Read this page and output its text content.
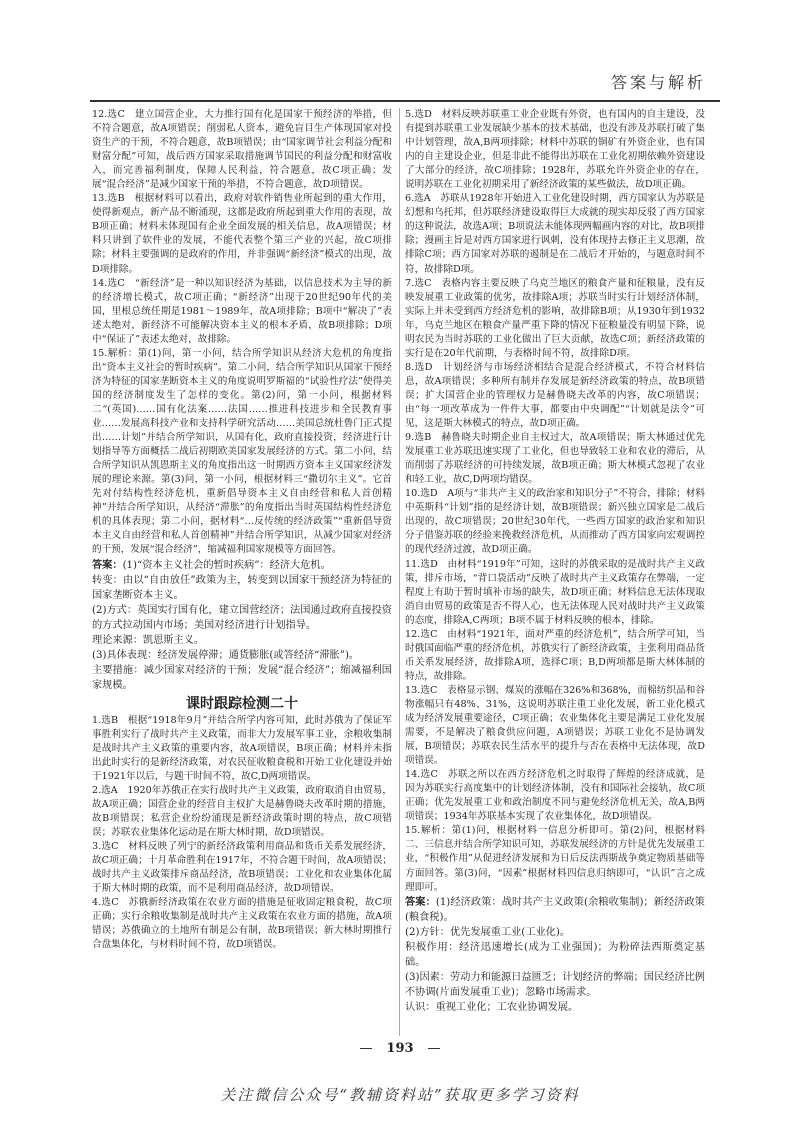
答案与解析

12.选C　建立国营企业，大力推行国有化是国家干预经济的举措，但不符合题意，故A项错误；削弱私人资本，避免盲目生产体现国家对投资生产的干预，不符合题意，故B项错误；由“国家调节社会利益分配和财富分配”可知，战后西方国家采取措施调节国民的利益分配和财富收入，而完善福利制度，保障人民利益，符合题意，故C项正确；发展“混合经济”是减少国家干预的举措，不符合题意，故D项错误。

13.选B　根据材料可以看出，政府对软件销售业所起到的重大作用，使得新观点，新产品不断涌现，这都是政府所起到重大作用的表现，故B项正确；材料未体现国有企业全面发展的相关信息，故A项错误；材料只讲到了软件业的发展，不能代表整个第三产业的兴起，故C项排除；材料主要强调的是政府的作用，并非强调“新经济”模式的出现，故D项排除。

14.选C　“新经济”是一种以知识经济为基础，以信息技术为主导的新的经济增长模式，故C项正确；“新经济”出现于20世纪90年代的美国，里根总统任期是1981～1989年，故A项排除；B项中“解决了”表述太绝对，新经济不可能解决资本主义的根本矛盾，故B项排除；D项中“保证了”表述太绝对，故排除。

15.解析：第(1)问，第一小问，结合所学知识从经济大危机的角度指出“资本主义社会的暂时疾病”。第二小问，结合所学知识从国家干预经济为特征的国家垄断资本主义的角度说明罗斯福的“试验性疗法”使得美国的经济制度发生了怎样的变化。第(2)问，第一小问，根据材料二“(英国)……国有化法案……法国……推进科技进步和全民教育事业……发展高科技产业和支持科学研究活动……美国总统杜鲁门正式提出……计划”并结合所学知识，从国有化，政府直接投资，经济进行计划指导等方面概括二战后初期欧美国家发展经济的方式。第二小问，结合所学知识从凯恩斯主义的角度指出这一时期西方资本主义国家经济发展的理论来源。第(3)问，第一小问，根据材料三“撒切尔主义”。它首先对付结构性经济危机，重新倡导资本主义自由经营和私人首创精神”并结合所学知识，从经济“滞胀”的角度指出当时英国结构性经济危机的具体表现；第二小问，据材料“…反传统的经济政策”“重新倡导资本主义自由经营和私人首创精神”并结合所学知识，从减少国家对经济的干预，发展“混合经济”，缩减福利国家规模等方面回答。

答案：(1)“资本主义社会的暂时疾病”：经济大危机。

转变：由以“自由放任”政策为主，转变到以国家干预经济为特征的国家垄断资本主义。

(2)方式：英国实行国有化，建立国营经济；法国通过政府直接投资的方式拉动国内市场；美国对经济进行计划指导。

理论来源：凯恩斯主义。

(3)具体表现：经济发展停滞；通货膨胀(或答经济“滞胀”)。

主要措施：减少国家对经济的干预；发展“混合经济”；缩减福利国家规模。

课时跟踪检测二十

1.选B　根据“1918年9月”并结合所学内容可知，此时苏俄为了保证军事胜利实行了战时共产主义政策，而非大力发展军事工业，余粮收集制是战时共产主义政策的重要内容，故A项错误，B项正确；材料并未指出此时实行的是新经济政策，对农民征收粮食税和开始工业化建设并始于1921年以后，与题干时间不符，故C,D两项错误。

2.选A　1920年苏俄正在实行战时共产主义政策，政府取消自由贸易，故A项正确；国营企业的经营自主权扩大是赫鲁晓夫改革时期的措施，故B项错误；私营企业纷纷涌现是新经济政策时期的特点，故C项错误；苏联农业集体化运动是在斯大林时期，故D项错误。

3.选C　材料反映了列宁的新经济政策利用商品和货币关系发展经济，故C项正确；十月革命胜利在1917年，不符合题干时间，故A项错误；战时共产主义政策排斥商品经济，故B项错误；工业化和农业集体化属于斯大林时期的政策，而不是利用商品经济，故D项错误。

4.选C　苏俄新经济政策在农业方面的措施是征收固定粮食税，故C项正确；实行余粮收集制是战时共产主义政策在农业方面的措施，故A项错误；苏俄确立的土地所有制是公有制，故B项错误；新大林时期推行合盘集体化，与材料时间不符，故D项错误。

5.选D　材料反映苏联重工业企业既有外资，也有国内的自主建设，没有提到苏联重工业发展缺少基本的技术基础，也没有涉及苏联打破了集中计划管理，故A,B两项排除；材料中苏联的铜矿有外资企业，也有国内的自主建设企业，但是非此不能得出苏联在工业化初期依赖外资建设了大部分的经济，故C项排除；1928年，苏联允许外资企业的存在，说明苏联在工业化初期采用了新经济政策的某些做法，故D项正确。

6.选A　苏联从1928年开始进入工业化建设时期，西方国家认为苏联是幻想和乌托邦，但苏联经济建设取得巨大成就的现实却反驳了西方国家的这种说法，故选A项；B项说法未能体现两幅画内容的对比，故B项排除；漫画主旨是对西方国家进行讽刺，没有体现持去修正主义思潮，故排除C项；西方国家对苏联的遏制是在二战后才开始的，与题意时间不符，故排除D项。

7.选C　表格内容主要反映了乌克兰地区的粮食产量和征粮量，没有反映发展重工业政策的优劣，故排除A项；苏联当时实行计划经济体制，实际上并未受到西方经济危机的影响，故排除B项；从1930年到1932年，乌克兰地区在粮食产量严重下降的情况下征粮量没有明显下降，说明农民为当时苏联的工业化做出了巨大贡献，故选C项；新经济政策的实行是在20年代前期，与表格时间不符，故排除D项。

8.选D　计划经济与市场经济相结合是混合经济模式，不符合材料信息，故A项错误；多种所有制并存发展是新经济政策的特点，故B项错误；扩大国营企业的管理权力是赫鲁晓夫改革的内容，故C项错误；由“每一项改革成为一件件大事，都要由中央调配”“计划就是法令”可见，这是斯大林模式的特点，故D项正确。

9.选B　赫鲁晓夫时期企业自主权过大，故A项错误；斯大林通过优先发展重工业苏联迅速实现了工业化，但也导致轻工业和农业的滞后，从而削弱了苏联经济的可持续发展，故B项正确；斯大林模式忽视了农业和轻工业，故C,D两项均错误。

10.选D　A项与“非共产主义的政治家和知识分子”不符合，排除；材料中英斯科“计划”指的是经济计划，故B项错误；新兴独立国家是二战后出现的，故C项错误；20世纪30年代，一些西方国家的政治家和知识分子借鉴苏联的经验来挽救经济危机，从而推动了西方国家向宏观调控的现代经济过渡，故D项正确。

11.选D　由材料“1919年”可知，这时的苏俄采取的是战时共产主义政策，排斥市场，“背口袋活动”反映了战时共产主义政策存在弊端，一定程度上有助于暂时填补市场的缺失，故D项正确；材料信息无法体现取消自由贸易的政策是否不得人心，也无法体现人民对战时共产主义政策的态度，排除A,C两项；B项不属于材料反映的根本，排除。

12.选C　由材料“1921年，面对严重的经济危机”，结合所学可知，当时俄国面临严重的经济危机，苏俄实行了新经济政策，主张利用商品货币关系发展经济，故排除A项，选择C项；B,D两项都是斯大林体制的特点，故排除。

13.选C　表格显示钢、煤炭的涨幅在326%和368%，而棉纺织品和谷物涨幅只有48%、31%，这说明苏联注重工业化发展，新工业化模式成为经济发展重要途径，C项正确；农业集体化主要是满足工业化发展需要，不是解决了粮食供应问题，A项错误；苏联工业化不是协调发展，B项错误；苏联农民生活水平的提升与否在表格中无法体现，故D项错误。

14.选C　苏联之所以在西方经济危机之时取得了辉煌的经济成就，是因为苏联实行高度集中的计划经济体制，没有和国际社会接轨，故C项正确；优先发展重工业和政治制度不同与避免经济危机无关，故A,B两项错误；1934年苏联基本实现了农业集体化，故D项错误。

15.解析：第(1)问，根据材料一信息分析即可。第(2)问，根据材料二、三信息并结合所学知识可知，苏联发展经济的方针是优先发展重工业，“积极作用”从促进经济发展和为日后反法西斯战争奠定物质基础等方面回答。第(3)问，“因素”根据材料四信息归纳即可，“认识”言之成理即可。

答案：(1)经济政策：战时共产主义政策(余粮收集制)；新经济政策(粮食税)。

(2)方针：优先发展重工业(工业化)。

积极作用：经济迅速增长(成为工业强国)；为粉碎法西斯奠定基础。

(3)因素：劳动力和能源日益匮乏；计划经济的弊端；国民经济比例不协调(片面发展重工业)；忽略市场需求。

认识：重视工业化；工农业协调发展。

193
关注微信公众号“教辅资料站”获取更多学习资料
